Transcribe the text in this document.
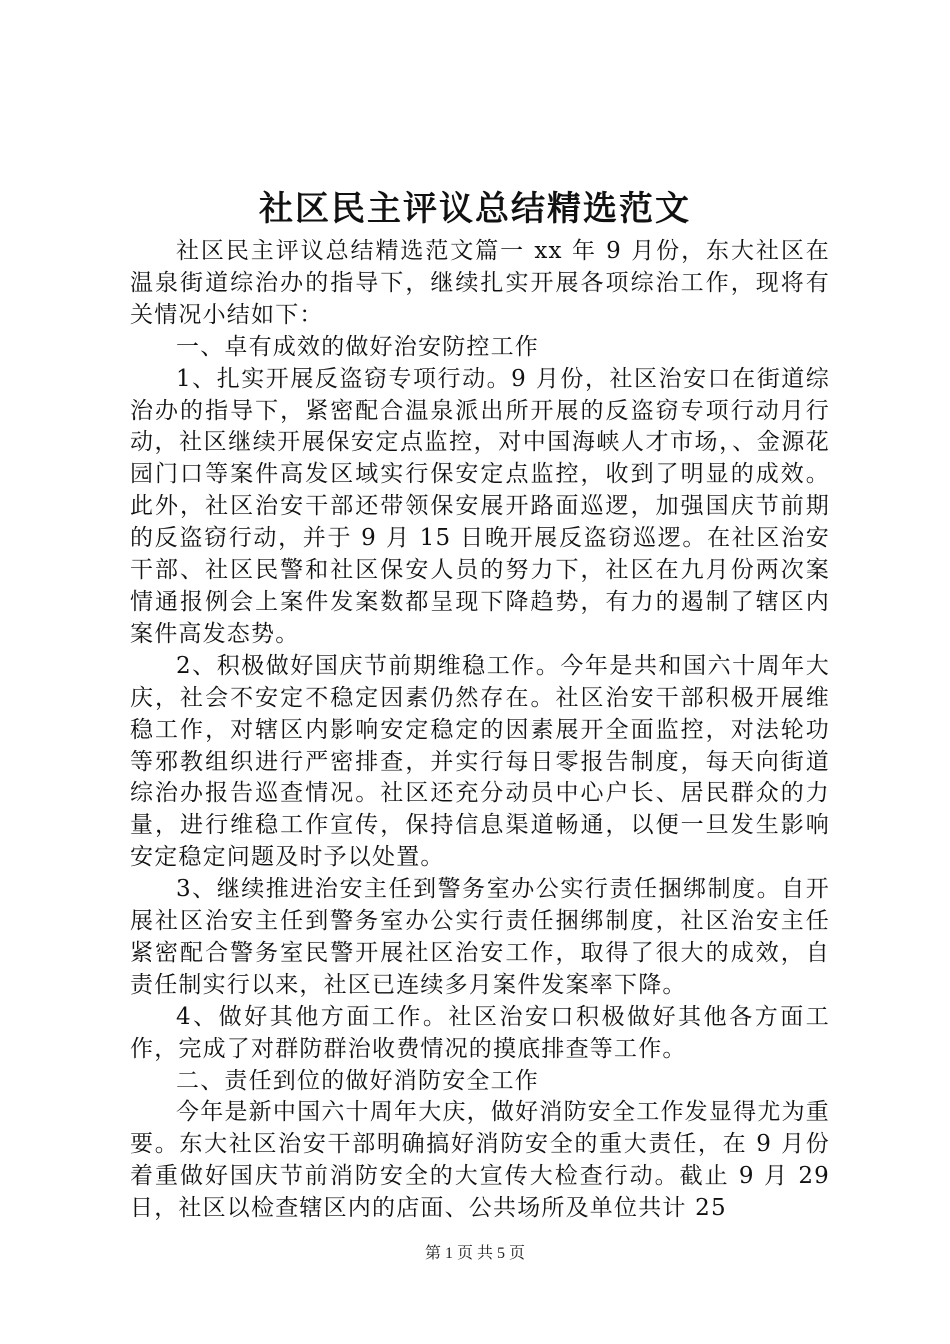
社区民主评议总结精选范文

社区民主评议总结精选范文篇一 xx 年 9 月份，东大社区在温泉街道综治办的指导下，继续扎实开展各项综治工作，现将有关情况小结如下：

一、卓有成效的做好治安防控工作

1、扎实开展反盗窃专项行动。9 月份，社区治安口在街道综治办的指导下，紧密配合温泉派出所开展的反盗窃专项行动月行动，社区继续开展保安定点监控，对中国海峡人才市场，、金源花园门口等案件高发区域实行保安定点监控，收到了明显的成效。此外，社区治安干部还带领保安展开路面巡逻，加强国庆节前期的反盗窃行动，并于 9 月 15 日晚开展反盗窃巡逻。在社区治安干部、社区民警和社区保安人员的努力下，社区在九月份两次案情通报例会上案件发案数都呈现下降趋势，有力的遏制了辖区内案件高发态势。

2、积极做好国庆节前期维稳工作。今年是共和国六十周年大庆，社会不安定不稳定因素仍然存在。社区治安干部积极开展维稳工作，对辖区内影响安定稳定的因素展开全面监控，对法轮功等邪教组织进行严密排查，并实行每日零报告制度，每天向街道综治办报告巡查情况。社区还充分动员中心户长、居民群众的力量，进行维稳工作宣传，保持信息渠道畅通，以便一旦发生影响安定稳定问题及时予以处置。

3、继续推进治安主任到警务室办公实行责任捆绑制度。自开展社区治安主任到警务室办公实行责任捆绑制度，社区治安主任紧密配合警务室民警开展社区治安工作，取得了很大的成效，自责任制实行以来，社区已连续多月案件发案率下降。

4、做好其他方面工作。社区治安口积极做好其他各方面工作，完成了对群防群治收费情况的摸底排查等工作。

二、责任到位的做好消防安全工作

今年是新中国六十周年大庆，做好消防安全工作发显得尤为重要。东大社区治安干部明确搞好消防安全的重大责任，在 9 月份着重做好国庆节前消防安全的大宣传大检查行动。截止 9 月 29 日，社区以检查辖区内的店面、公共场所及单位共计 25

第 1 页 共 5 页
